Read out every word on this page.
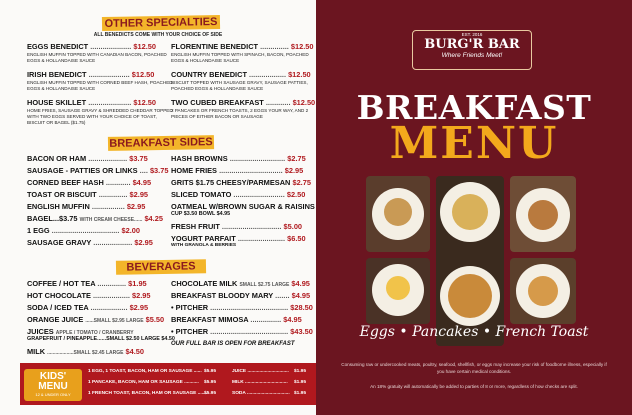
OTHER SPECIALTIES
ALL BENEDICTS COME WITH YOUR CHOICE OF SIDE
EGGS BENEDICT .................... $12.50
ENGLISH MUFFIN TOPPED WITH CANADIAN BACON, POACHED EGGS & HOLLANDAISE SAUCE
FLORENTINE BENEDICT .............. $12.50
ENGLISH MUFFIN TOPPED WITH SPINACH, BACON, POACHED EGGS & HOLLANDAISE SAUCE
IRISH BENEDICT .................... $12.50
ENGLISH MUFFIN TOPPED WITH CORNED BEEF HASH, POACHED EGGS & HOLLANDAISE SAUCE
COUNTRY BENEDICT .................. $12.50
BISCUIT TOPPED WITH SAUSAGE GRAVY, SAUSAGE PATTIES, POACHED EGGS & HOLLANDAISE SAUCE
HOUSE SKILLET ..................... $12.50
HOME FRIES, SAUSAGE GRAVY & SHREDDED CHEDDAR TOPPED WITH TWO EGGS SERVED WITH YOUR CHOICE OF TOAST, BISCUIT OR BAGEL ($1.75)
TWO CUBED BREAKFAST ............ $12.50
2 PANCAKES OR FRENCH TOASTS, 2 EGGS YOUR WAY, AND 2 PIECES OF EITHER BACON OR SAUSAGE
BREAKFAST SIDES
BACON OR HAM ................... $3.75
SAUSAGE - PATTIES OR LINKS .... $3.75
CORNED BEEF HASH ............ $4.95
TOAST OR BISCUIT .............. $2.95
ENGLISH MUFFIN ................ $2.95
BAGEL...$3.75 WITH CREAM CHEESE...... $4.25
1 EGG ................................. $2.00
SAUSAGE GRAVY ................... $2.95
HASH BROWNS ........................... $2.75
HOME FRIES ............................... $2.95
GRITS $1.75 CHEESY/PARMESAN $2.75
SLICED TOMATO ......................... $2.50
OATMEAL W/BROWN SUGAR & RAISINS
CUP $3.50 BOWL $4.95
FRESH FRUIT ............................. $5.00
YOGURT PARFAIT ....................... $6.50
WITH GRANOLA & BERRIES
BEVERAGES
COFFEE / HOT TEA .............. $1.95
HOT CHOCOLATE .................. $2.95
SODA / ICED TEA .................. $2.95
ORANGE JUICE ......SMALL $2.95 LARGE $5.50
JUICES APPLE / TOMATO / CRANBERRY
GRAPEFRUIT / PINEAPPLE......SMALL $2.50 LARGE $4.50
MILK ...................SMALL $2.45 LARGE $4.50
CHOCOLATE MILK SMALL $2.75 LARGE $4.95
BREAKFAST BLOODY MARY ....... $4.95
• PITCHER ...................................... $28.50
BREAKFAST MIMOSA ............... $4.95
• PITCHER ...................................... $43.50
OUR FULL BAR IS OPEN FOR BREAKFAST
KIDS' MENU
12 & UNDER ONLY
1 EGG, 1 TOAST, BACON, HAM OR SAUSAGE ...... $5.95
1 PANCAKE, BACON, HAM OR SAUSAGE ........... $5.95
1 FRENCH TOAST, BACON, HAM OR SAUSAGE .......
$5.95
JUICE ...............................	$1.95
MILK ................................	$1.95
SODA ................................ $1.95
EST. 2016
BURG'R BAR
Where Friends Meet!
BREAKFAST
MENU
Eggs • Pancakes • French Toast
Consuming raw or undercooked meats, poultry, seafood, shellfish, or eggs may increase your risk of foodborne illness, especially if you have certain medical conditions.
An 18% gratuity will automatically be added to parties of 8 or more, regardless of how checks are split.
